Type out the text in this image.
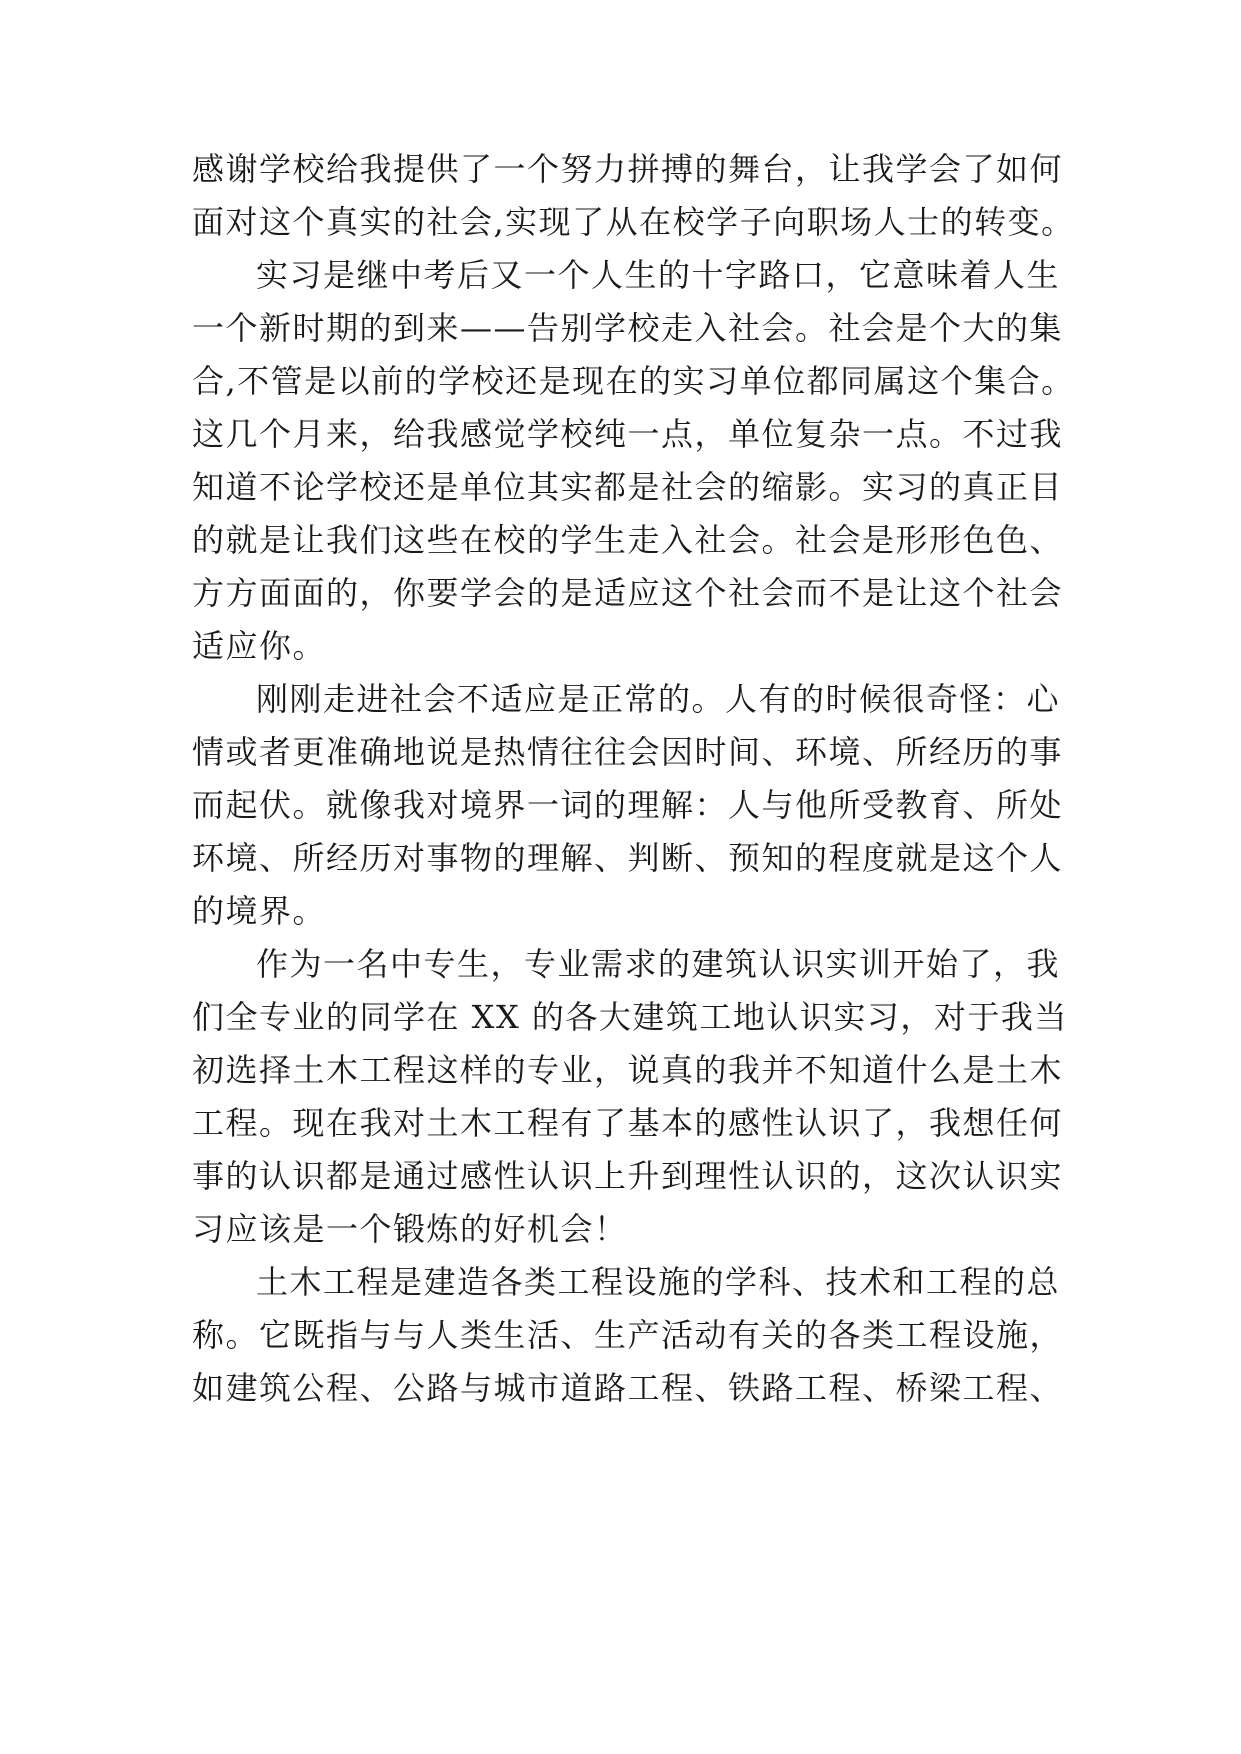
感谢学校给我提供了一个努力拼搏的舞台，让我学会了如何
面对这个真实的社会,实现了从在校学子向职场人士的转变。
实习是继中考后又一个人生的十字路口，它意味着人生
一个新时期的到来——告别学校走入社会。社会是个大的集
合,不管是以前的学校还是现在的实习单位都同属这个集合。
这几个月来，给我感觉学校纯一点，单位复杂一点。不过我
知道不论学校还是单位其实都是社会的缩影。实习的真正目
的就是让我们这些在校的学生走入社会。社会是形形色色、
方方面面的，你要学会的是适应这个社会而不是让这个社会
适应你。
刚刚走进社会不适应是正常的。人有的时候很奇怪：心
情或者更准确地说是热情往往会因时间、环境、所经历的事
而起伏。就像我对境界一词的理解：人与他所受教育、所处
环境、所经历对事物的理解、判断、预知的程度就是这个人
的境界。
作为一名中专生，专业需求的建筑认识实训开始了，我
们全专业的同学在 XX 的各大建筑工地认识实习，对于我当
初选择土木工程这样的专业，说真的我并不知道什么是土木
工程。现在我对土木工程有了基本的感性认识了，我想任何
事的认识都是通过感性认识上升到理性认识的，这次认识实
习应该是一个锻炼的好机会！
土木工程是建造各类工程设施的学科、技术和工程的总
称。它既指与与人类生活、生产活动有关的各类工程设施，
如建筑公程、公路与城市道路工程、铁路工程、桥梁工程、
